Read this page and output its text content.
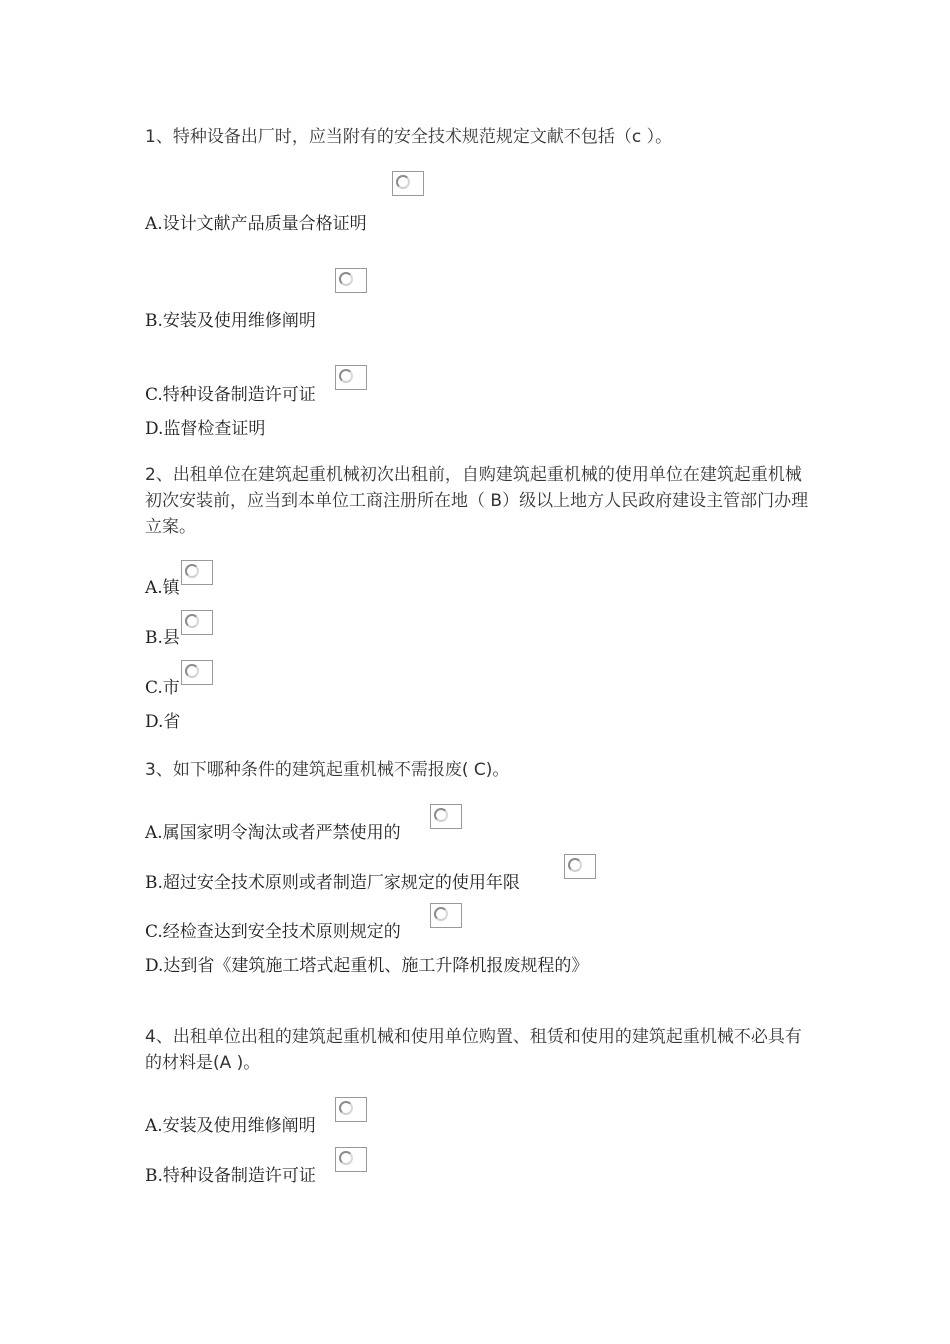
1、特种设备出厂时，应当附有的安全技术规范规定文献不包括（c ）。
A.设计文献产品质量合格证明
B.安装及使用维修阐明
C.特种设备制造许可证
D.监督检查证明
2、出租单位在建筑起重机械初次出租前，自购建筑起重机械的使用单位在建筑起重机械初次安装前，应当到本单位工商注册所在地（ B）级以上地方人民政府建设主管部门办理立案。
A.镇
B.县
C.市
D.省
3、如下哪种条件的建筑起重机械不需报废( C)。
A.属国家明令淘汰或者严禁使用的
B.超过安全技术原则或者制造厂家规定的使用年限
C.经检查达到安全技术原则规定的
D.达到省《建筑施工塔式起重机、施工升降机报废规程的》
4、出租单位出租的建筑起重机械和使用单位购置、租赁和使用的建筑起重机械不必具有的材料是(A )。
A.安装及使用维修阐明
B.特种设备制造许可证
